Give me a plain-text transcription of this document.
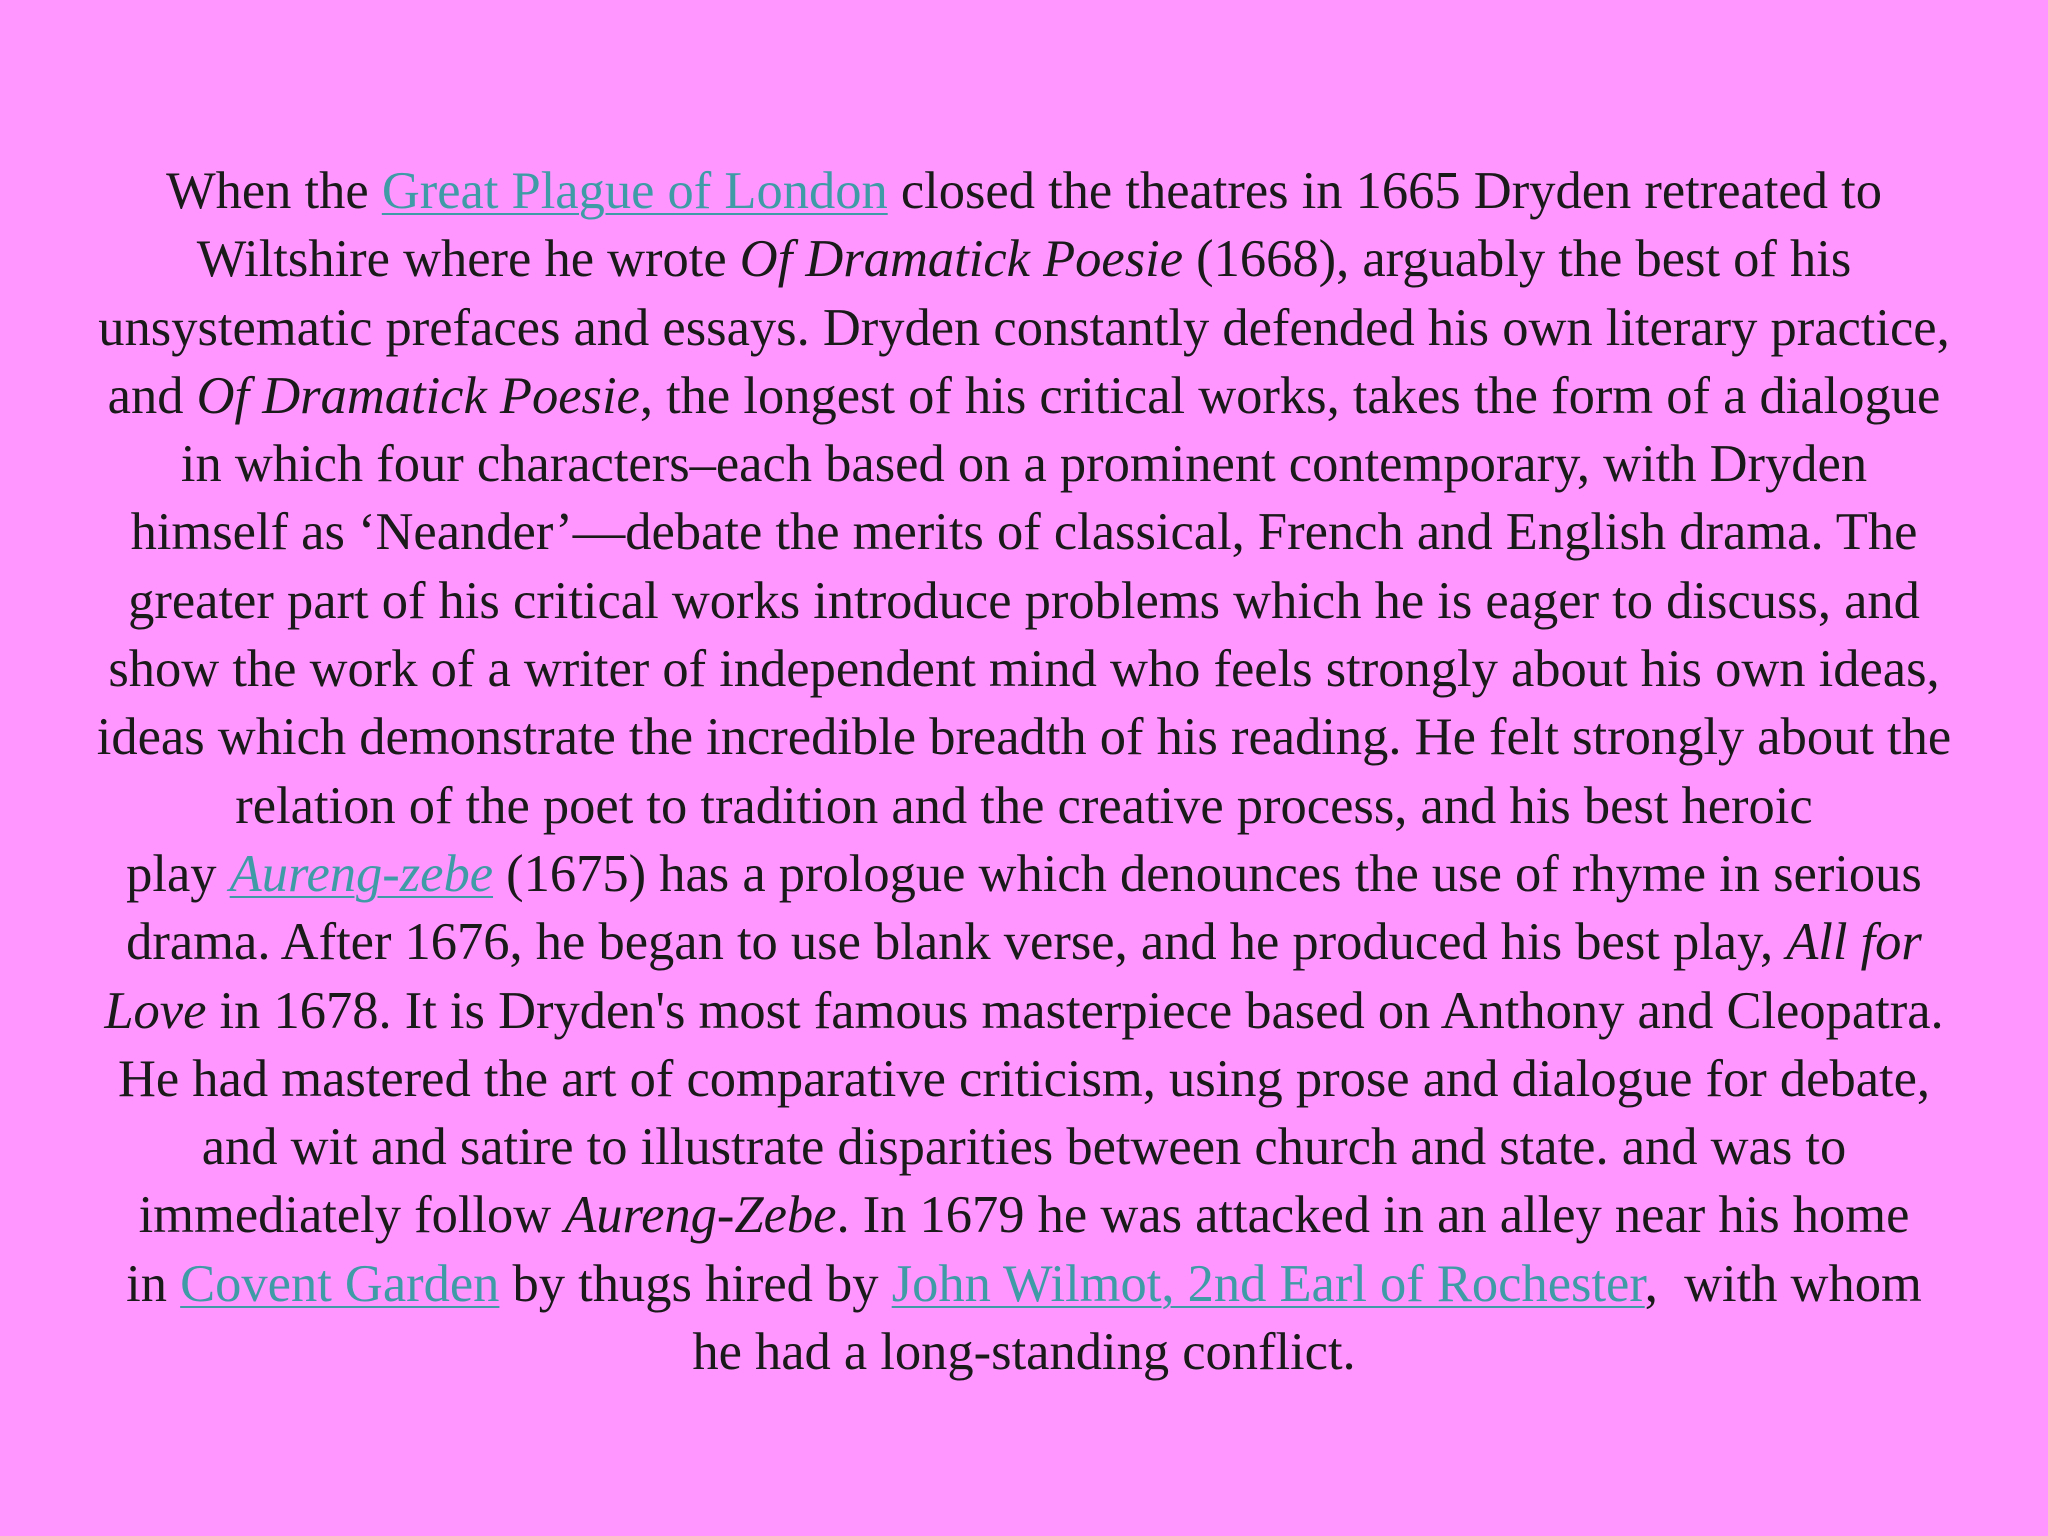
When the Great Plague of London closed the theatres in 1665 Dryden retreated to
Wiltshire where he wrote Of Dramatick Poesie (1668), arguably the best of his
unsystematic prefaces and essays. Dryden constantly defended his own literary practice,
and Of Dramatick Poesie, the longest of his critical works, takes the form of a dialogue
in which four characters–each based on a prominent contemporary, with Dryden
himself as ‘Neander’—debate the merits of classical, French and English drama. The
greater part of his critical works introduce problems which he is eager to discuss, and
show the work of a writer of independent mind who feels strongly about his own ideas,
ideas which demonstrate the incredible breadth of his reading. He felt strongly about the
relation of the poet to tradition and the creative process, and his best heroic
play Aureng-zebe (1675) has a prologue which denounces the use of rhyme in serious
drama. After 1676, he began to use blank verse, and he produced his best play, All for
Love in 1678. It is Dryden's most famous masterpiece based on Anthony and Cleopatra.
He had mastered the art of comparative criticism, using prose and dialogue for debate,
and wit and satire to illustrate disparities between church and state. and was to
immediately follow Aureng-Zebe. In 1679 he was attacked in an alley near his home
in Covent Garden by thugs hired by John Wilmot, 2nd Earl of Rochester,  with whom
he had a long-standing conflict.
